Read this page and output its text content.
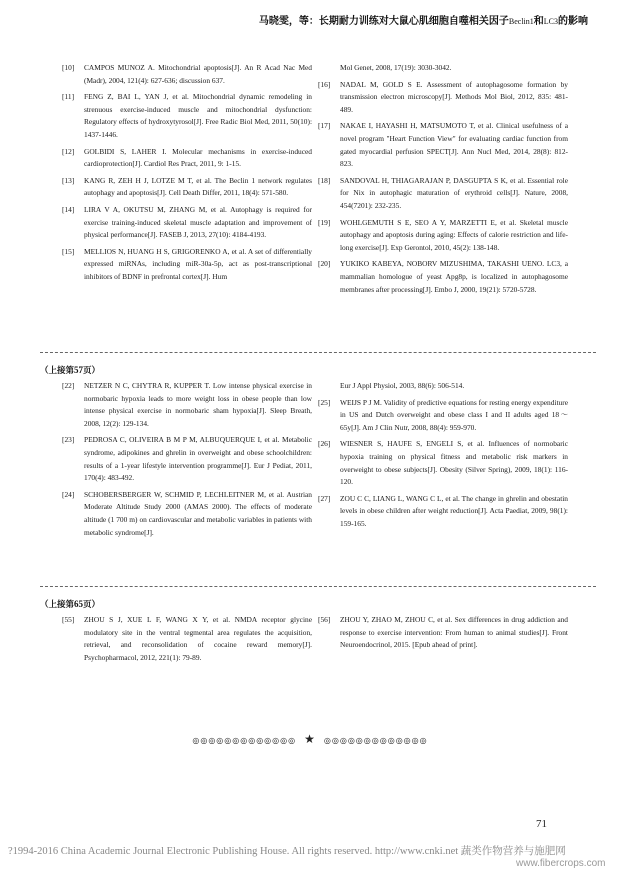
马晓雯，等 ：长期耐力训练对大鼠心肌细胞自噬相关因子 Beclin1 和 LC3 的影响
[10]	CAMPOS MUNOZ A. Mitochondrial apoptosis[J]. An R Acad Nac Med (Madr), 2004, 121(4): 627-636; discussion 637.
[11]	FENG Z, BAI L, YAN J, et al. Mitochondrial dynamic remodeling in strenuous exercise-induced muscle and mitochondrial dysfunction: Regulatory effects of hydroxytyrosol[J]. Free Radic Biol Med, 2011, 50(10): 1437-1446.
[12]	GOLBIDI S, LAHER I. Molecular mechanisms in exercise-induced cardioprotection[J]. Cardiol Res Pract, 2011, 9: 1-15.
[13]	KANG R, ZEH H J, LOTZE M T, et al. The Beclin 1 network regulates autophagy and apoptosis[J]. Cell Death Differ, 2011, 18(4): 571-580.
[14]	LIRA V A, OKUTSU M, ZHANG M, et al. Autophagy is required for exercise training-induced skeletal muscle adaptation and improvement of physical performance[J]. FASEB J, 2013, 27(10): 4184-4193.
[15]	MELLIOS N, HUANG H S, GRIGORENKO A, et al. A set of differentially expressed miRNAs, including miR-30a-5p, act as post-transcriptional inhibitors of BDNF in prefrontal cortex[J]. Hum
Mol Genet, 2008, 17(19): 3030-3042.
[16]	NADAL M, GOLD S E. Assessment of autophagosome formation by transmission electron microscopy[J]. Methods Mol Biol, 2012, 835: 481-489.
[17]	NAKAE I, HAYASHI H, MATSUMOTO T, et al. Clinical usefulness of a novel program "Heart Function View" for evaluating cardiac function from gated myocardial perfusion SPECT[J]. Ann Nucl Med, 2014, 28(8): 812-823.
[18]	SANDOVAL H, THIAGARAJAN P, DASGUPTA S K, et al. Essential role for Nix in autophagic maturation of erythroid cells[J]. Nature, 2008, 454(7201): 232-235.
[19]	WOHLGEMUTH S E, SEO A Y, MARZETTI E, et al. Skeletal muscle autophagy and apoptosis during aging: Effects of calorie restriction and life-long exercise[J]. Exp Gerontol, 2010, 45(2): 138-148.
[20]	YUKIKO KABEYA, NOBORV MIZUSHIMA, TAKASHI UENO. LC3, a mammalian homologue of yeast Apg8p, is localized in autophagosome membranes after processing[J]. Embo J, 2000, 19(21): 5720-5728.
（上接第57页）
[22]	NETZER N C, CHYTRA R, KUPPER T. Low intense physical exercise in normobaric hypoxia leads to more weight loss in obese people than low intense physical exercise in normobaric sham hypoxia[J]. Sleep Breath, 2008, 12(2): 129-134.
[23]	PEDROSA C, OLIVEIRA B M P M, ALBUQUERQUE I, et al. Metabolic syndrome, adipokines and ghrelin in overweight and obese schoolchildren: results of a 1-year lifestyle intervention programme[J]. Eur J Pediat, 2011, 170(4): 483-492.
[24]	SCHOBERSBERGER W, SCHMID P, LECHLEITNER M, et al. Austrian Moderate Altitude Study 2000 (AMAS 2000). The effects of moderate altitude (1 700 m) on cardiovascular and metabolic variables in patients with metabolic syndrome[J].
Eur J Appl Physiol, 2003, 88(6): 506-514.
[25]	WEIJS P J M. Validity of predictive equations for resting energy expenditure in US and Dutch overweight and obese class I and II adults aged 18～65y[J]. Am J Clin Nutr, 2008, 88(4): 959-970.
[26]	WIESNER S, HAUFE S, ENGELI S, et al. Influences of normobaric hypoxia training on physical fitness and metabolic risk markers in overweight to obese subjects[J]. Obesity (Silver Spring), 2009, 18(1): 116-120.
[27]	ZOU C C, LIANG L, WANG C L, et al. The change in ghrelin and obestatin levels in obese children after weight reduction[J]. Acta Paediat, 2009, 98(1): 159-165.
（上接第65页）
[55]	ZHOU S J, XUE L F, WANG X Y, et al. NMDA receptor glycine modulatory site in the ventral tegmental area regulates the acquisition, retrieval, and reconsolidation of cocaine reward memory[J]. Psychopharmacol, 2012, 221(1): 79-89.
[56]	ZHOU Y, ZHAO M, ZHOU C, et al. Sex differences in drug addiction and response to exercise intervention: From human to animal studies[J]. Front Neuroendocrinol, 2015. [Epub ahead of print].
◎◎◎◎◎◎◎◎◎◎◎◎◎ ★ ◎◎◎◎◎◎◎◎◎◎◎◎◎
71
?1994-2016 China Academic Journal Electronic Publishing House. All rights reserved. http://www.cnki.net 蔬类作物营养与施肥网
www.fibercrops.com
